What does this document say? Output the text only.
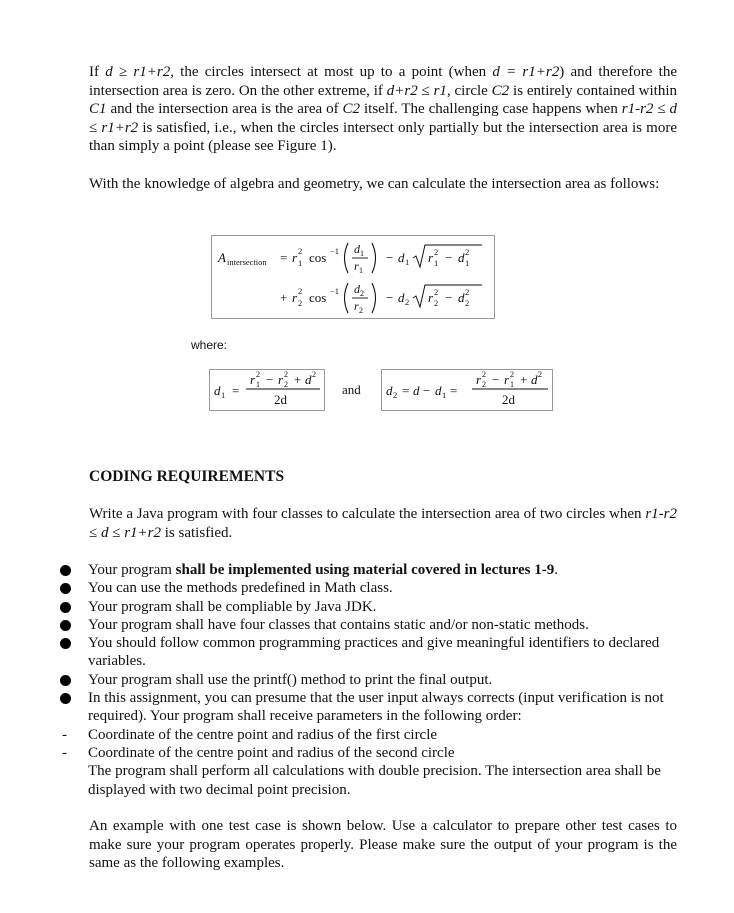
If d ≥ r1+r2, the circles intersect at most up to a point (when d = r1+r2) and therefore the intersection area is zero. On the other extreme, if d+r2 ≤ r1, circle C2 is entirely contained within C1 and the intersection area is the area of C2 itself. The challenging case happens when r1-r2 ≤ d ≤ r1+r2 is satisfied, i.e., when the circles intersect only partially but the intersection area is more than simply a point (please see Figure 1).

With the knowledge of algebra and geometry, we can calculate the intersection area as follows:

A intersection = r 2
1 cos −1 d 1
r 1
− d 1 r 2
1 − d 2
1
+ r 2
2 cos −1 d 2
r 2
− d 2 r 2
2 − d 2
2
where:
d 1 =
r 2
1 − r 2
2 + d 2
2d
and d 2 = d − d 1 =
r 2
2 − r 2
1 + d 2
2d
CODING REQUIREMENTS

Write a Java program with four classes to calculate the intersection area of two circles when r1-r2 ≤ d ≤ r1+r2 is satisfied.

Your program shall be implemented using material covered in lectures 1-9.

You can use the methods predefined in Math class.

Your program shall be compliable by Java JDK.

Your program shall have four classes that contains static and/or non-static methods.

You should follow common programming practices and give meaningful identifiers to declared variables.

Your program shall use the printf() method to print the final output.

In this assignment, you can presume that the user input always corrects (input verification is not required). Your program shall receive parameters in the following order:

- Coordinate of the centre point and radius of the first circle

- Coordinate of the centre point and radius of the second circle

The program shall perform all calculations with double precision. The intersection area shall be displayed with two decimal point precision.

An example with one test case is shown below. Use a calculator to prepare other test cases to make sure your program operates properly. Please make sure the output of your program is the same as the following examples.
